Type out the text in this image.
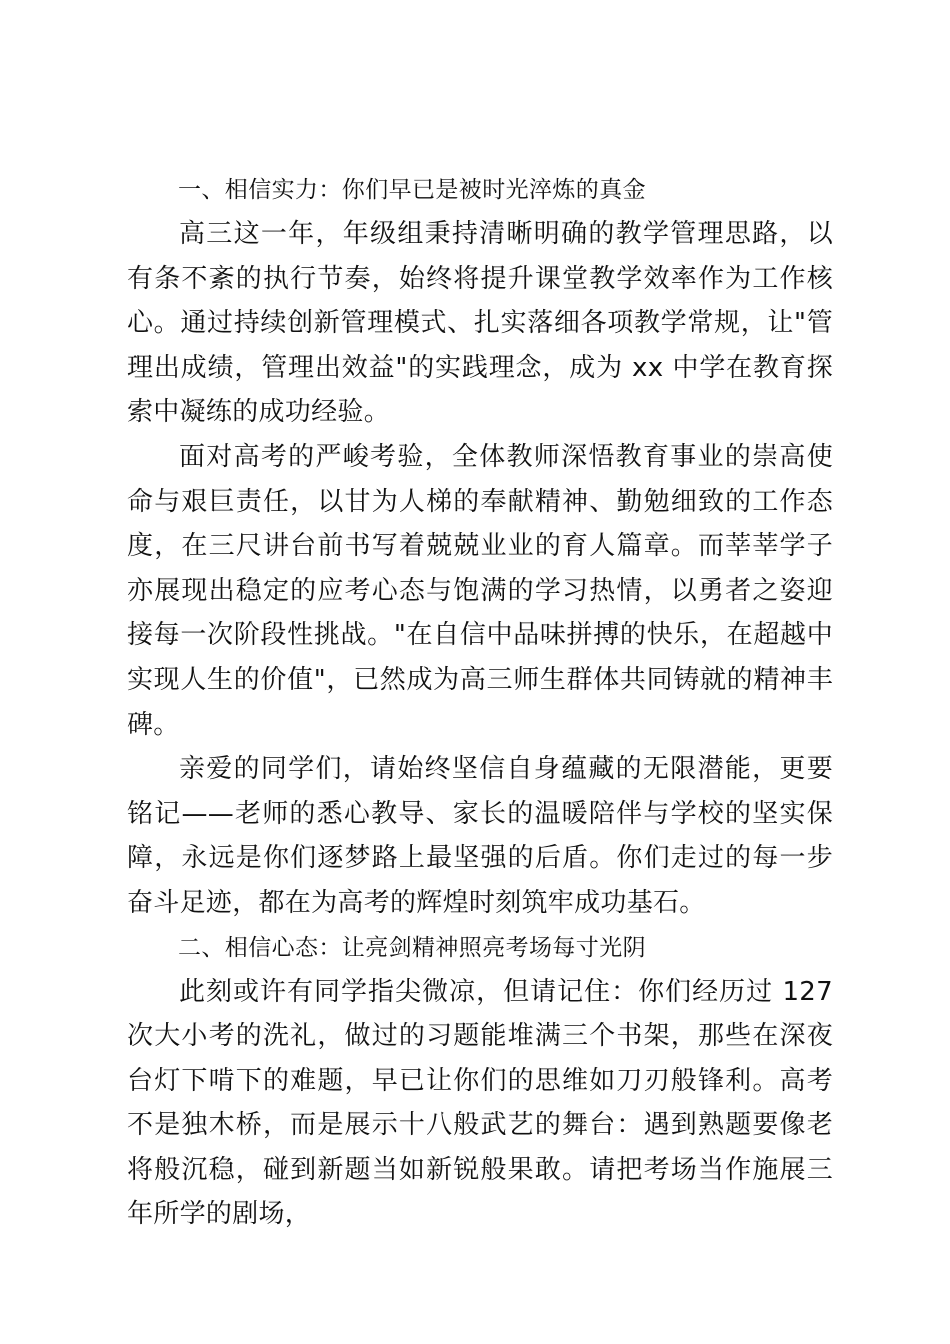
一、相信实力：你们早已是被时光淬炼的真金

高三这一年，年级组秉持清晰明确的教学管理思路，以有条不紊的执行节奏，始终将提升课堂教学效率作为工作核心。通过持续创新管理模式、扎实落细各项教学常规，让"管理出成绩，管理出效益"的实践理念，成为 xx 中学在教育探索中凝练的成功经验。

面对高考的严峻考验，全体教师深悟教育事业的崇高使命与艰巨责任，以甘为人梯的奉献精神、勤勉细致的工作态度，在三尺讲台前书写着兢兢业业的育人篇章。而莘莘学子亦展现出稳定的应考心态与饱满的学习热情，以勇者之姿迎接每一次阶段性挑战。"在自信中品味拼搏的快乐，在超越中实现人生的价值"，已然成为高三师生群体共同铸就的精神丰碑。

亲爱的同学们，请始终坚信自身蕴藏的无限潜能，更要铭记——老师的悉心教导、家长的温暖陪伴与学校的坚实保障，永远是你们逐梦路上最坚强的后盾。你们走过的每一步奋斗足迹，都在为高考的辉煌时刻筑牢成功基石。

二、相信心态：让亮剑精神照亮考场每寸光阴

此刻或许有同学指尖微凉，但请记住：你们经历过 127 次大小考的洗礼，做过的习题能堆满三个书架，那些在深夜台灯下啃下的难题，早已让你们的思维如刀刃般锋利。高考不是独木桥，而是展示十八般武艺的舞台：遇到熟题要像老将般沉稳，碰到新题当如新锐般果敢。请把考场当作施展三年所学的剧场，
